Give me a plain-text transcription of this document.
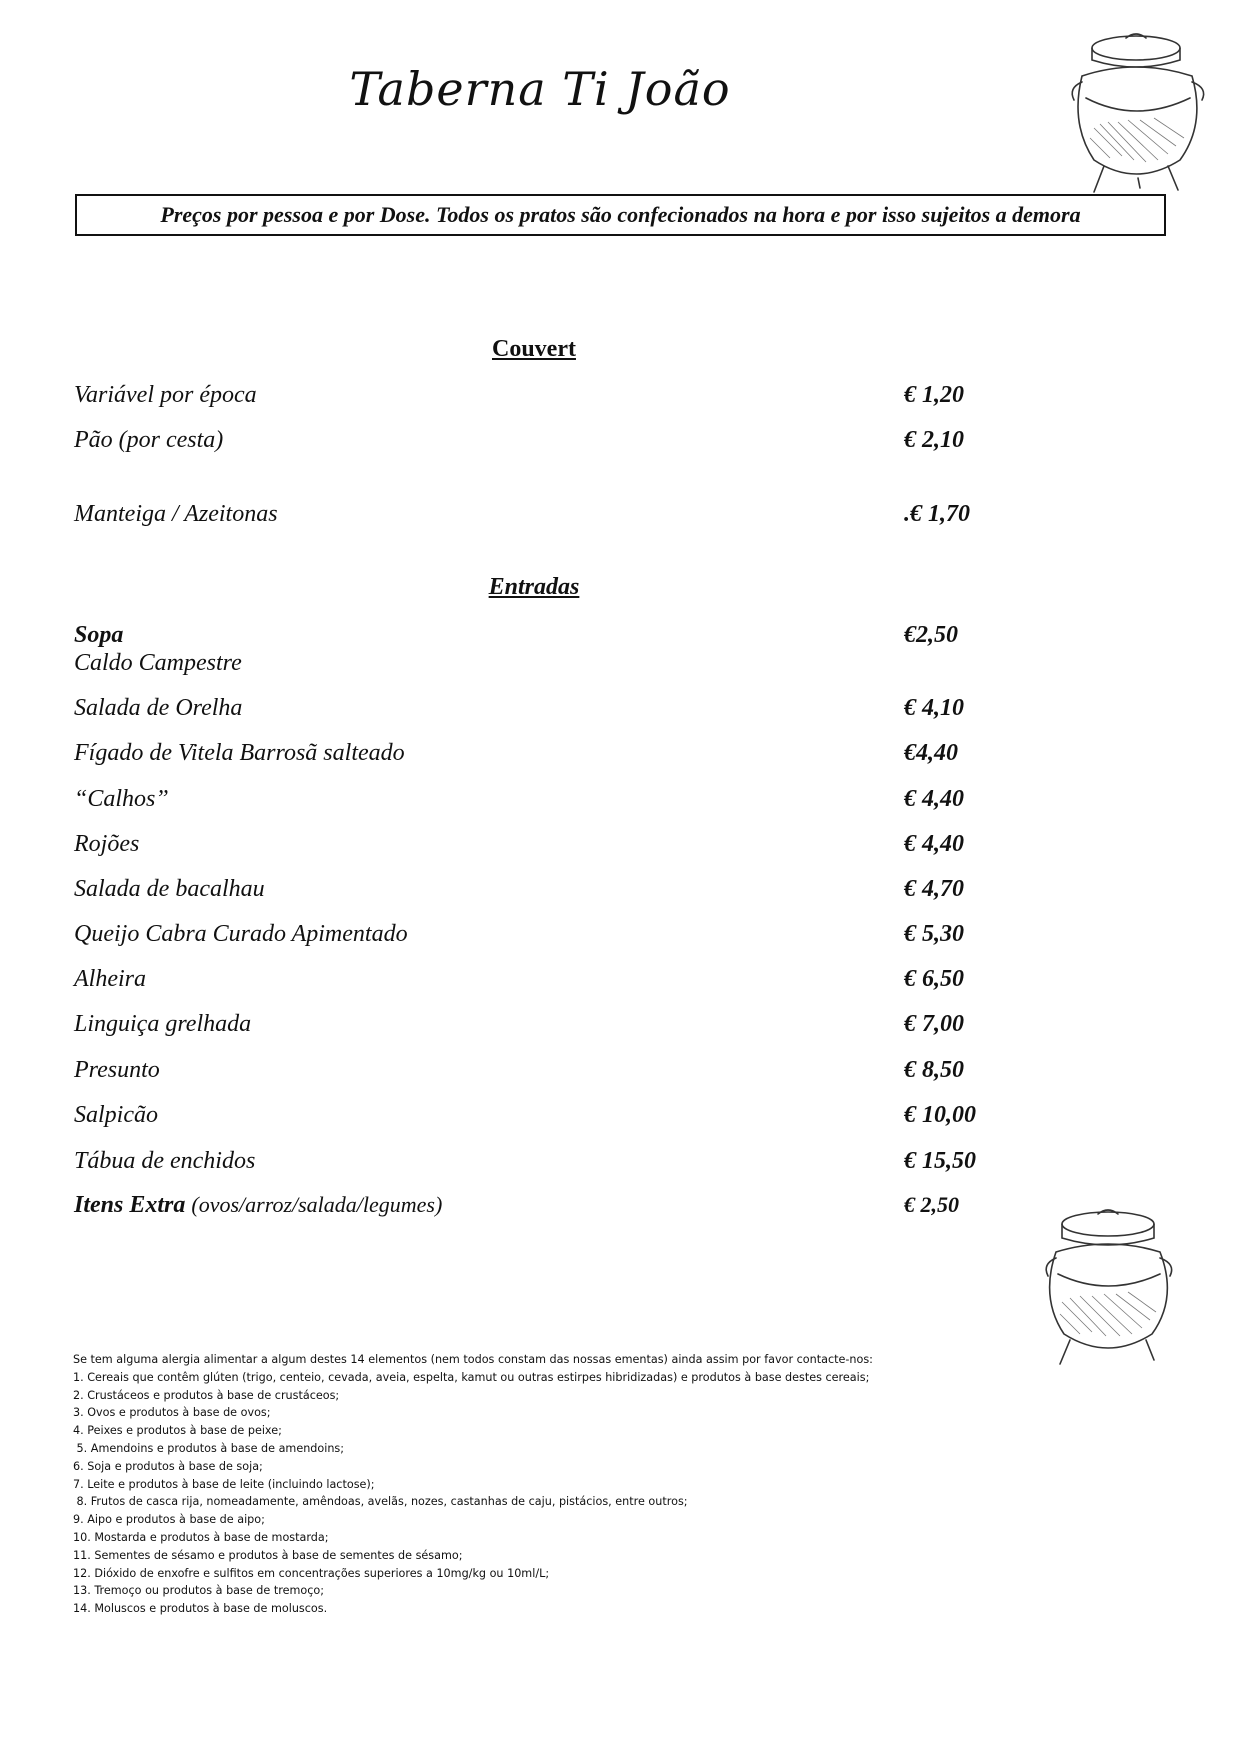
Taberna Ti João
Preços por pessoa e por Dose. Todos os pratos são confecionados na hora e por isso sujeitos a demora
Couvert
Variável por época	€ 1,20
Pão (por cesta)	€ 2,10
Manteiga / Azeitonas	.€ 1,70
Entradas
Sopa	€2,50
Caldo Campestre
Salada de Orelha	€ 4,10
Fígado de Vitela Barrosã salteado	€4,40
“Calhos”	€ 4,40
Rojões	€ 4,40
Salada de bacalhau	€ 4,70
Queijo Cabra Curado Apimentado	€ 5,30
Alheira	€ 6,50
Linguiça grelhada	€ 7,00
Presunto	€ 8,50
Salpicão	€ 10,00
Tábua de enchidos	€ 15,50
Itens Extra (ovos/arroz/salada/legumes)	€ 2,50
Se tem alguma alergia alimentar a algum destes 14 elementos (nem todos constam das nossas ementas) ainda assim por favor contacte-nos:
1. Cereais que contêm glúten (trigo, centeio, cevada, aveia, espelta, kamut ou outras estirpes hibridizadas) e produtos à base destes cereais;
2. Crustáceos e produtos à base de crustáceos;
3. Ovos e produtos à base de ovos;
4. Peixes e produtos à base de peixe;
5. Amendoins e produtos à base de amendoins;
6. Soja e produtos à base de soja;
7. Leite e produtos à base de leite (incluindo lactose);
8. Frutos de casca rija, nomeadamente, amêndoas, avelãs, nozes, castanhas de caju, pistácios, entre outros;
9. Aipo e produtos à base de aipo;
10. Mostarda e produtos à base de mostarda;
11. Sementes de sésamo e produtos à base de sementes de sésamo;
12. Dióxido de enxofre e sulfitos em concentrações superiores a 10mg/kg ou 10ml/L;
13. Tremoço ou produtos à base de tremoço;
14. Moluscos e produtos à base de moluscos.
